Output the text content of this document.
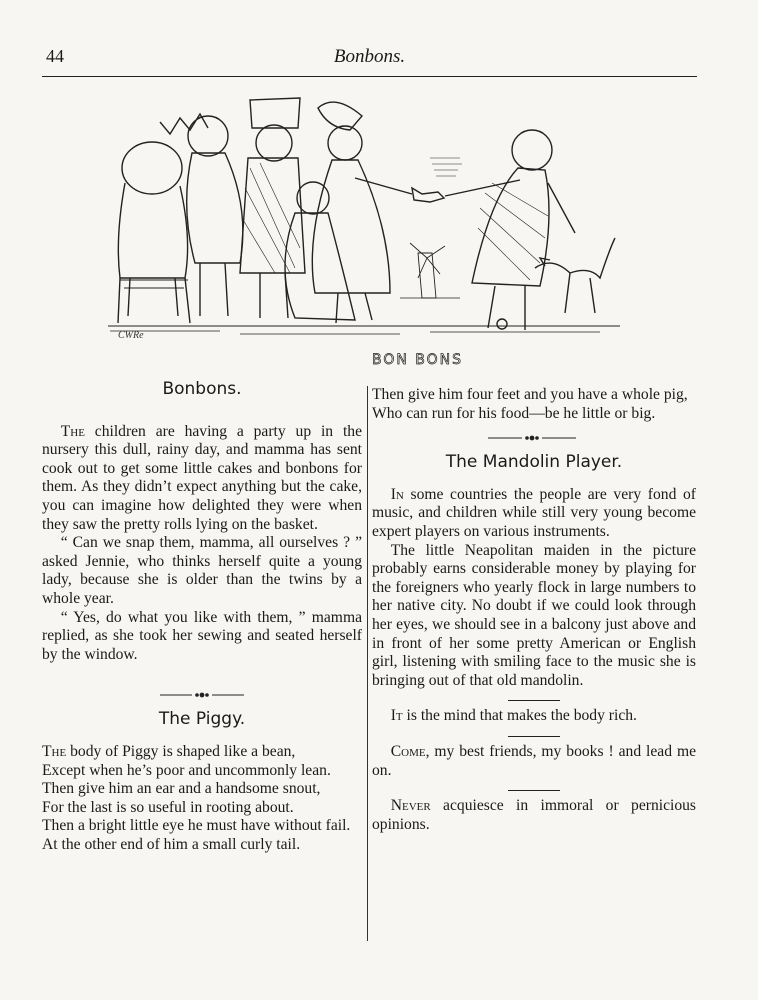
44	Bonbons.
CWRe
BON BONS
Bonbons.

The children are having a party up in the nursery this dull, rainy day, and mamma has sent cook out to get some little cakes and bonbons for them. As they didn’t expect anything but the cake, you can imagine how delighted they were when they saw the pretty rolls lying on the basket.

“ Can we snap them, mamma, all ourselves ? ” asked Jennie, who thinks herself quite a young lady, because she is older than the twins by a whole year.

“ Yes, do what you like with them, ” mamma replied, as she took her sewing and seated herself by the window.

The Piggy.
The body of Piggy is shaped like a bean,
Except when he’s poor and uncommonly lean.
Then give him an ear and a handsome snout,
For the last is so useful in rooting about.
Then a bright little eye he must have without fail.
At the other end of him a small curly tail.
Then give him four feet and you have a whole pig,
Who can run for his food—be he little or big.
The Mandolin Player.

In some countries the people are very fond of music, and children while still very young become expert players on various instruments.

The little Neapolitan maiden in the picture probably earns considerable money by playing for the foreigners who yearly flock in large numbers to her native city. No doubt if we could look through her eyes, we should see in a balcony just above and in front of her some pretty American or English girl, listening with smiling face to the music she is bringing out of that old mandolin.

It is the mind that makes the body rich.

Come, my best friends, my books ! and lead me on.

Never acquiesce in immoral or pernicious opinions.
